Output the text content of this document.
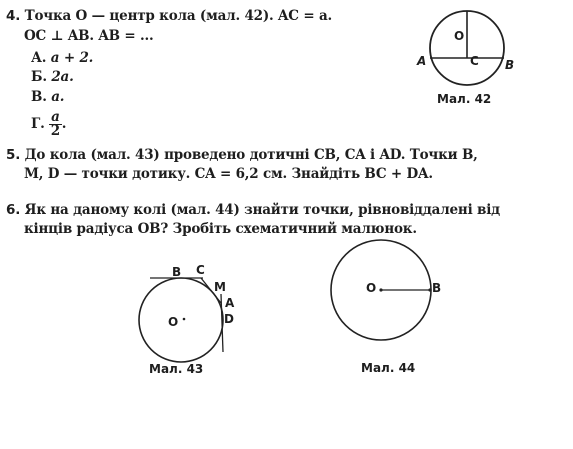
4. Точка O — центр кола (мал. 42). AC = a.
OC ⊥ AB. AB = ...
А. a + 2.
Б. 2a.
В. a.
Г. $\frac{a}{2}$ .
O
A	C B
Мал. 42
5. До кола (мал. 43) проведено дотичні CB, CA і AD. Точки B,
M, D — точки дотику. CA = 6,2 см. Знайдіть BC + DA.
6. Як на даному колі (мал. 44) знайти точки, рівновіддалені від
кінців радіуса OB? Зробіть схематичний малюнок.
B C
M
A
D
O
Мал. 43
O	B
Мал. 44
